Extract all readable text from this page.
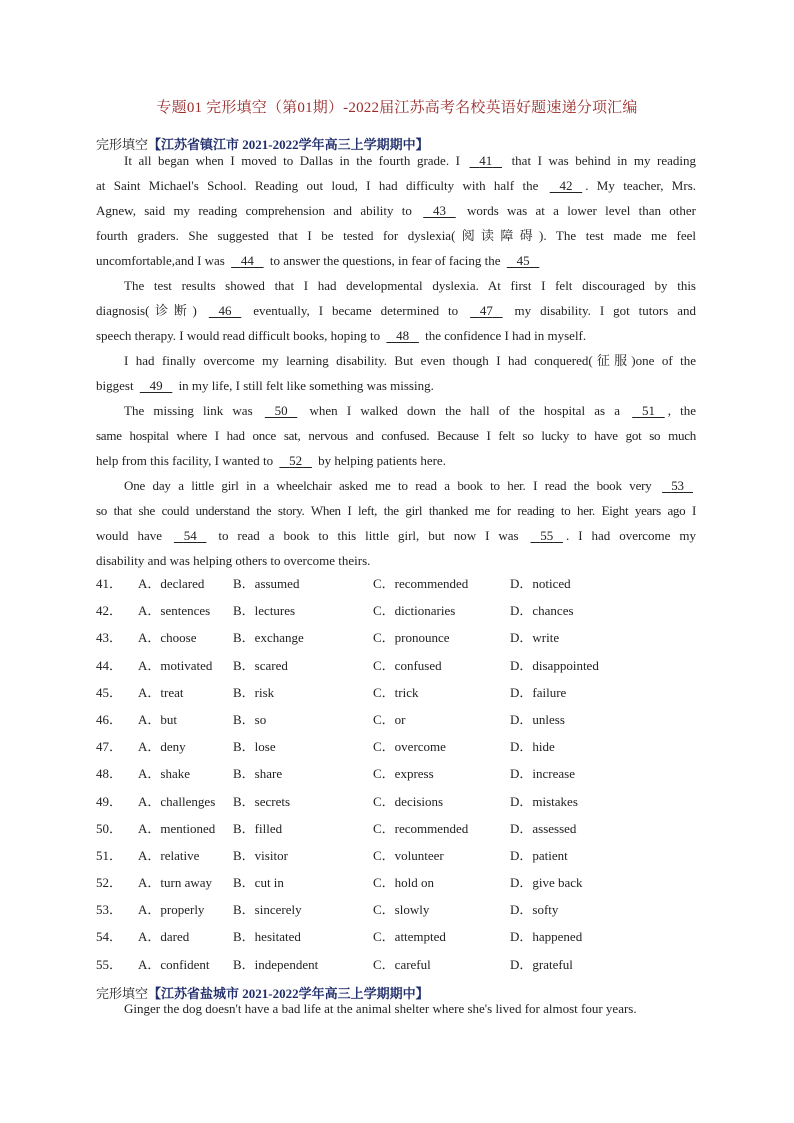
专题01 完形填空（第01期）-2022届江苏高考名校英语好题速递分项汇编
完形填空【江苏省镇江市 2021-2022学年高三上学期期中】
It all began when I moved to Dallas in the fourth grade. I    41    that I was behind in my reading
at Saint Michael's School. Reading out loud, I had difficulty with half the    42 . My teacher, Mrs.
Agnew, said my reading comprehension and ability to    43    words was at a lower level than other
fourth graders. She suggested that I be tested for dyslexia(阅读障碍). The test made me feel
uncomfortable,and I was    44    to answer the questions, in fear of facing the    45
The test results showed that I had developmental dyslexia. At first I felt discouraged by this
diagnosis(诊断)    46    eventually, I became determined to    47    my disability. I got tutors and
speech therapy. I would read difficult books, hoping to    48    the confidence I had in myself.
I had finally overcome my learning disability. But even though I had conquered(征服)one of the
biggest    49    in my life, I still felt like something was missing.
The missing link was    50    when I walked down the hall of the hospital as a    51 , the
same hospital where I had once sat, nervous and confused. Because I felt so lucky to have got so much
help from this facility, I wanted to    52    by helping patients here.
One day a little girl in a wheelchair asked me to read a book to her. I read the book very    53
so that she could understand the story. When I left, the girl thanked me for reading to her. Eight years ago I
would have    54    to read a book to this little girl, but now I was    55 . I had overcome my
disability and was helping others to overcome theirs.
41． A．declared B．assumed	C．recommended	D．noticed
42． A．sentences B．lectures	C．dictionaries	D．chances
43． A．choose	B．exchange	C．pronounce	D．write
44． A．motivated B．scared	C．confused	D．disappointed
45． A．treat	B．risk	C．trick	D．failure
46． A．but	B．so	C．or	D．unless
47． A．deny	B．lose	C．overcome	D．hide
48． A．shake	B．share	C．express	D．increase
49． A．challenges B．secrets	C．decisions	D．mistakes
50． A．mentioned B．filled	C．recommended	D．assessed
51． A．relative	B．visitor	C．volunteer	D．patient
52． A．turn away B．cut in	C．hold on	D．give back
53． A．properly B．sincerely	C．slowly	D．softy
54． A．dared	B．hesitated	C．attempted	D．happened
55． A．confident B．independent	C．careful	D．grateful
完形填空【江苏省盐城市 2021-2022学年高三上学期期中】
Ginger the dog doesn't have a bad life at the animal shelter where she's lived for almost four years.
